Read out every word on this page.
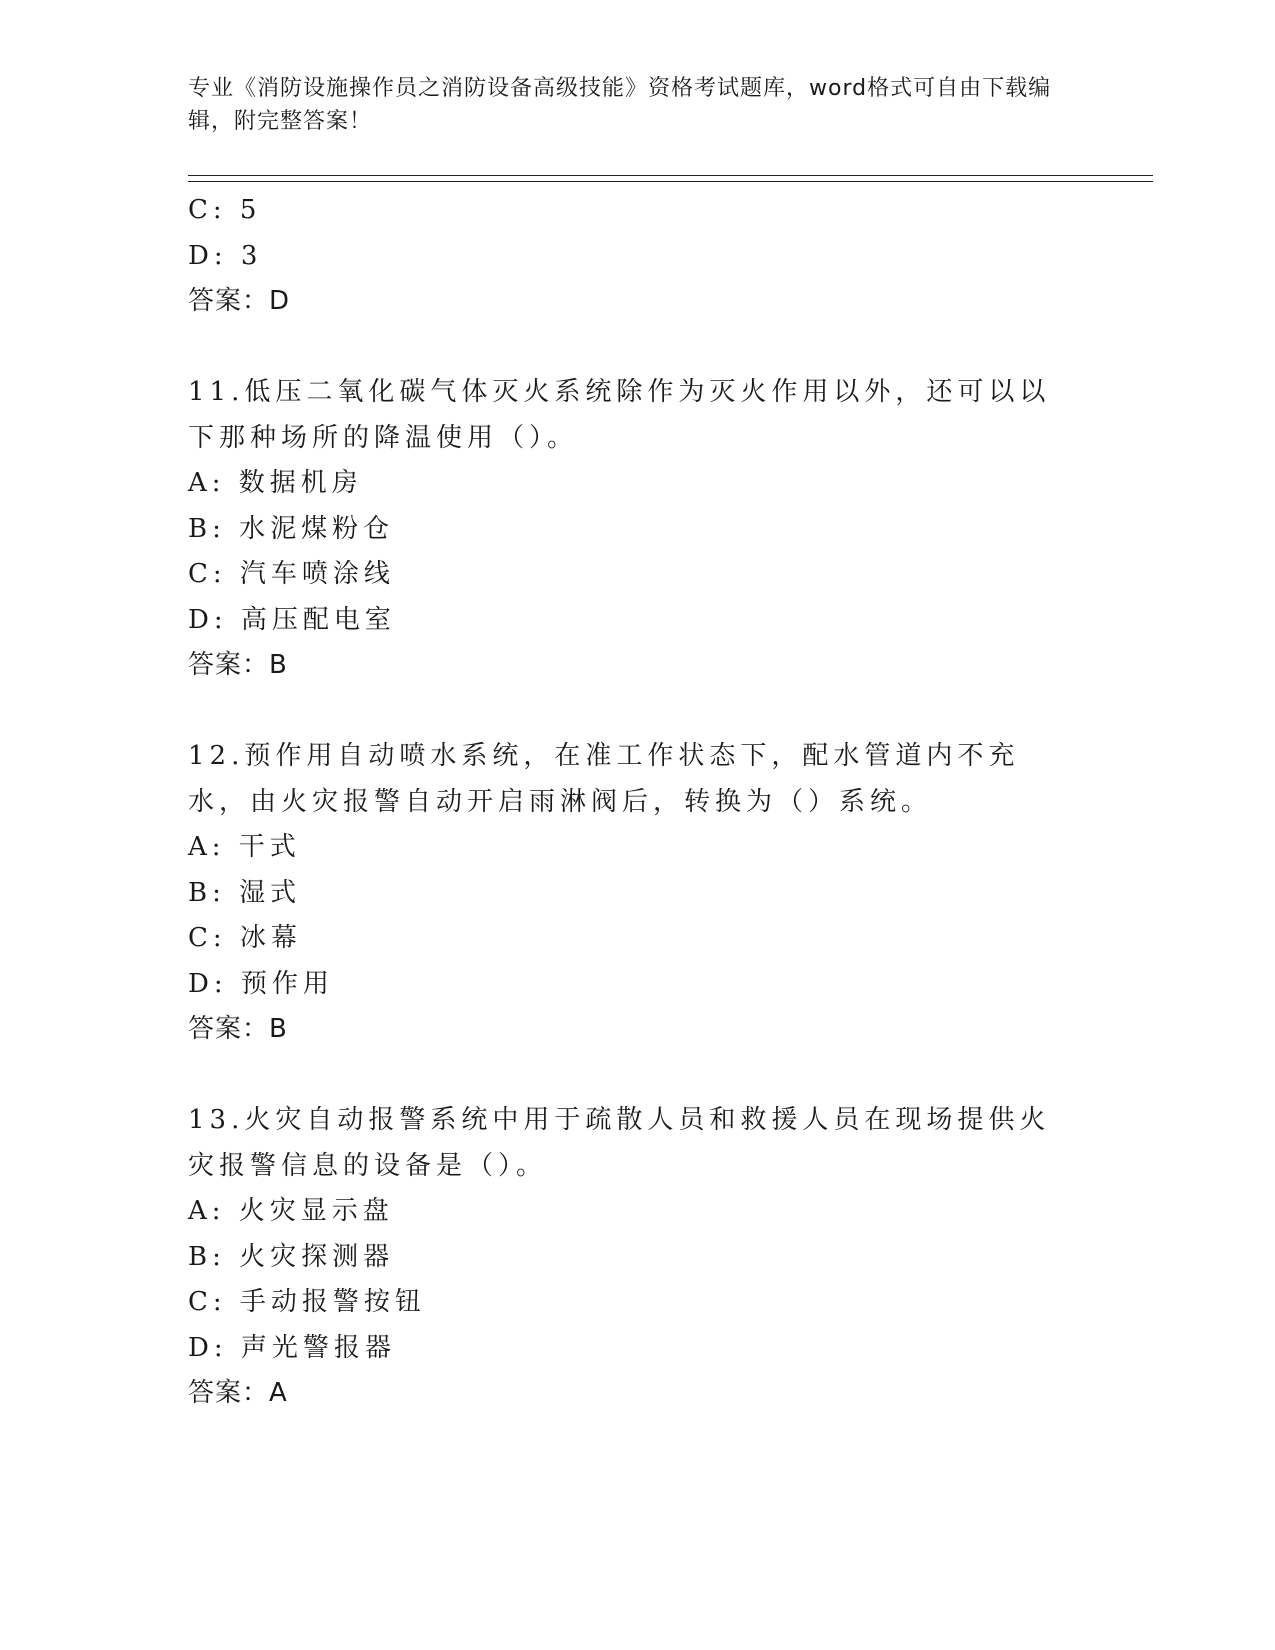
专业《消防设施操作员之消防设备高级技能》资格考试题库，word格式可自由下载编辑，附完整答案！
C: 5
D: 3
答案：D
11.低压二氧化碳气体灭火系统除作为灭火作用以外，还可以以下那种场所的降温使用（）。
A: 数据机房
B: 水泥煤粉仓
C: 汽车喷涂线
D: 高压配电室
答案：B
12.预作用自动喷水系统，在准工作状态下，配水管道内不充水，由火灾报警自动开启雨淋阀后，转换为（）系统。
A: 干式
B: 湿式
C: 冰幕
D: 预作用
答案：B
13.火灾自动报警系统中用于疏散人员和救援人员在现场提供火灾报警信息的设备是（）。
A: 火灾显示盘
B: 火灾探测器
C: 手动报警按钮
D: 声光警报器
答案：A
